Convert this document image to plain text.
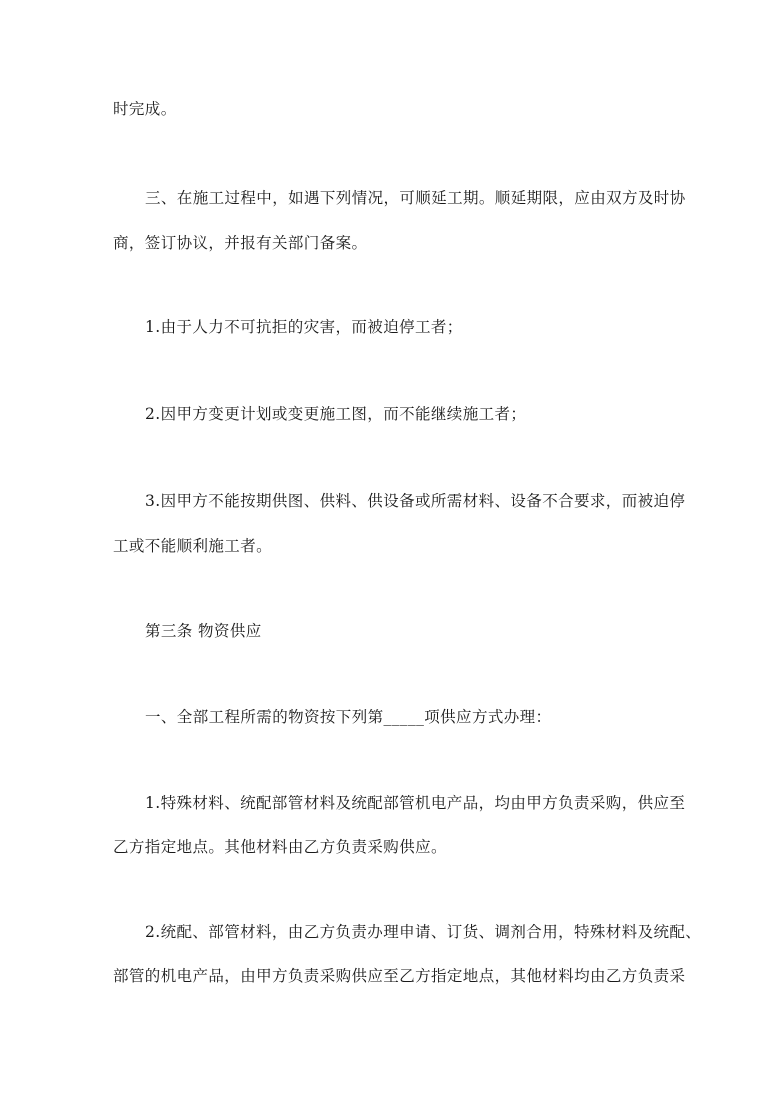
时完成。
三、在施工过程中，如遇下列情况，可顺延工期。顺延期限，应由双方及时协
商，签订协议，并报有关部门备案。
1.由于人力不可抗拒的灾害，而被迫停工者；
2.因甲方变更计划或变更施工图，而不能继续施工者；
3.因甲方不能按期供图、供料、供设备或所需材料、设备不合要求，而被迫停
工或不能顺利施工者。
第三条 物资供应
一、全部工程所需的物资按下列第_____项供应方式办理：
1.特殊材料、统配部管材料及统配部管机电产品，均由甲方负责采购，供应至
乙方指定地点。其他材料由乙方负责采购供应。
2.统配、部管材料，由乙方负责办理申请、订货、调剂合用，特殊材料及统配、
部管的机电产品，由甲方负责采购供应至乙方指定地点，其他材料均由乙方负责采
